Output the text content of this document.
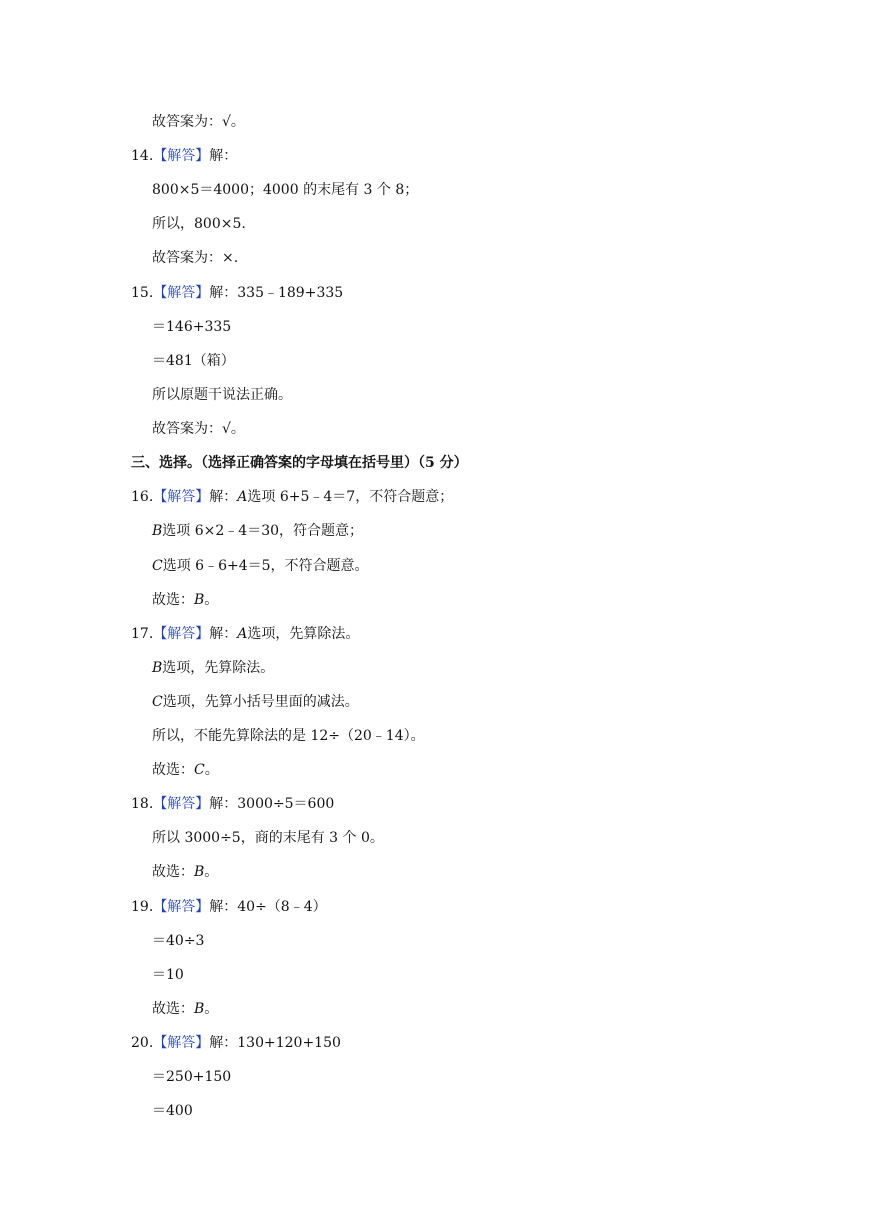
故答案为：√。
14.【解答】解：
800×5＝4000；4000 的末尾有 3 个 8；
所以，800×5.
故答案为：×.
15.【解答】解：335﹣189+335
＝146+335
＝481（箱）
所以原题干说法正确。
故答案为：√。
三、选择。（选择正确答案的字母填在括号里）（5 分）
16.【解答】解：A选项 6+5﹣4＝7，不符合题意；
B选项 6×2﹣4＝30，符合题意；
C选项 6﹣6+4＝5，不符合题意。
故选：B。
17.【解答】解：A选项，先算除法。
B选项，先算除法。
C选项，先算小括号里面的减法。
所以，不能先算除法的是 12÷（20﹣14）。
故选：C。
18.【解答】解：3000÷5＝600
所以 3000÷5，商的末尾有 3 个 0。
故选：B。
19.【解答】解：40÷（8﹣4）
＝40÷3
＝10
故选：B。
20.【解答】解：130+120+150
＝250+150
＝400
